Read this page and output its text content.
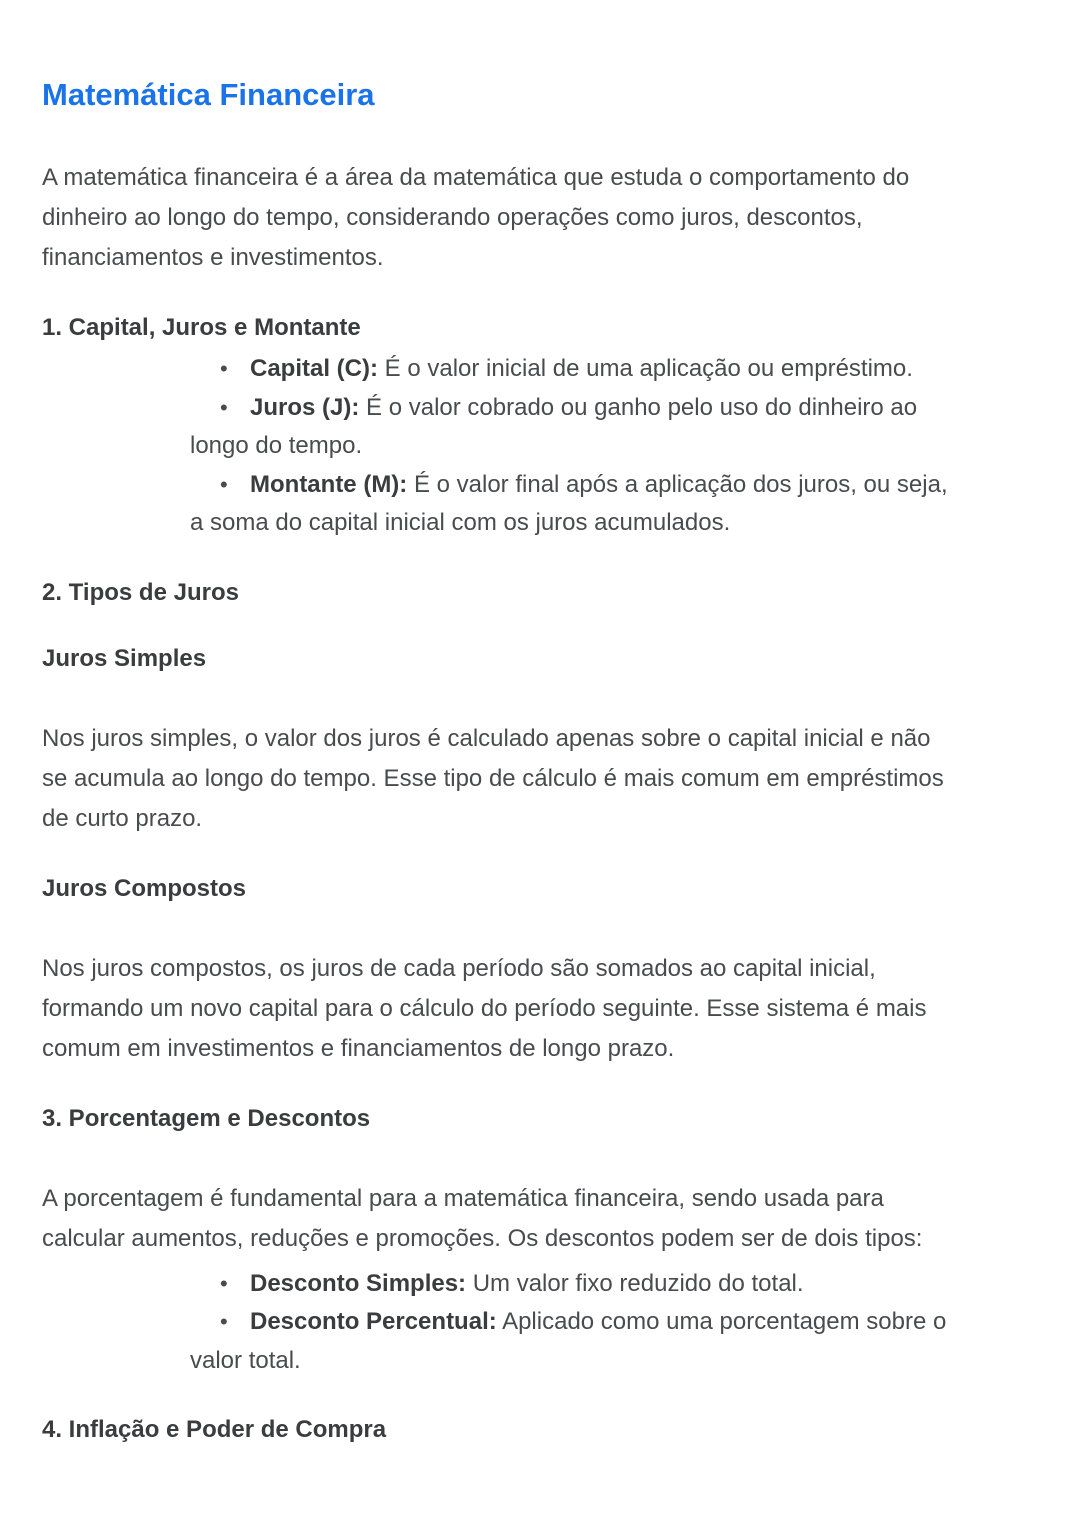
Matemática Financeira

A matemática financeira é a área da matemática que estuda o comportamento do dinheiro ao longo do tempo, considerando operações como juros, descontos, financiamentos e investimentos.

1. Capital, Juros e Montante
• Capital (C): É o valor inicial de uma aplicação ou empréstimo.
• Juros (J): É o valor cobrado ou ganho pelo uso do dinheiro ao longo do tempo.
• Montante (M): É o valor final após a aplicação dos juros, ou seja, a soma do capital inicial com os juros acumulados.
2. Tipos de Juros
Juros Simples

Nos juros simples, o valor dos juros é calculado apenas sobre o capital inicial e não se acumula ao longo do tempo. Esse tipo de cálculo é mais comum em empréstimos de curto prazo.

Juros Compostos

Nos juros compostos, os juros de cada período são somados ao capital inicial, formando um novo capital para o cálculo do período seguinte. Esse sistema é mais comum em investimentos e financiamentos de longo prazo.

3. Porcentagem e Descontos

A porcentagem é fundamental para a matemática financeira, sendo usada para calcular aumentos, reduções e promoções. Os descontos podem ser de dois tipos:

• Desconto Simples: Um valor fixo reduzido do total.
• Desconto Percentual: Aplicado como uma porcentagem sobre o valor total.
4. Inflação e Poder de Compra
